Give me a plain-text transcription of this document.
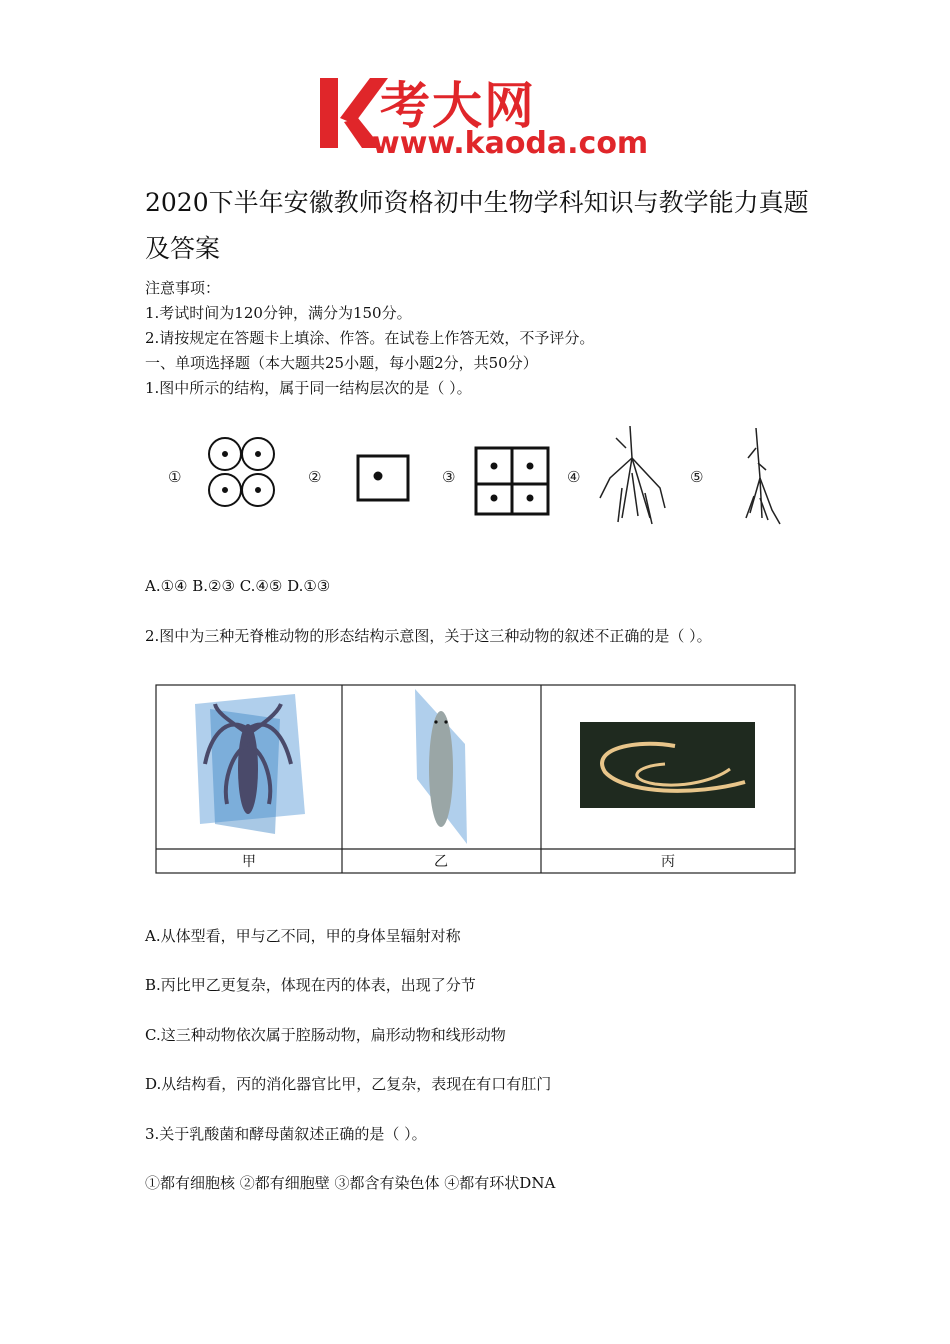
考大网
www.kaoda.com
2020下半年安徽教师资格初中生物学科知识与教学能力真题及答案
注意事项：
1.考试时间为120分钟，满分为150分。
2.请按规定在答题卡上填涂、作答。在试卷上作答无效，不予评分。
一、单项选择题（本大题共25小题，每小题2分，共50分）
1.图中所示的结构，属于同一结构层次的是（ ）。
①	②	③	④	⑤
A.①④ B.②③ C.④⑤ D.①③
2.图中为三种无脊椎动物的形态结构示意图，关于这三种动物的叙述不正确的是（ ）。
甲	乙	丙
A.从体型看，甲与乙不同，甲的身体呈辐射对称
B.丙比甲乙更复杂，体现在丙的体表，出现了分节
C.这三种动物依次属于腔肠动物，扁形动物和线形动物
D.从结构看，丙的消化器官比甲，乙复杂，表现在有口有肛门
3.关于乳酸菌和酵母菌叙述正确的是（ ）。
①都有细胞核 ②都有细胞壁 ③都含有染色体 ④都有环状DNA
